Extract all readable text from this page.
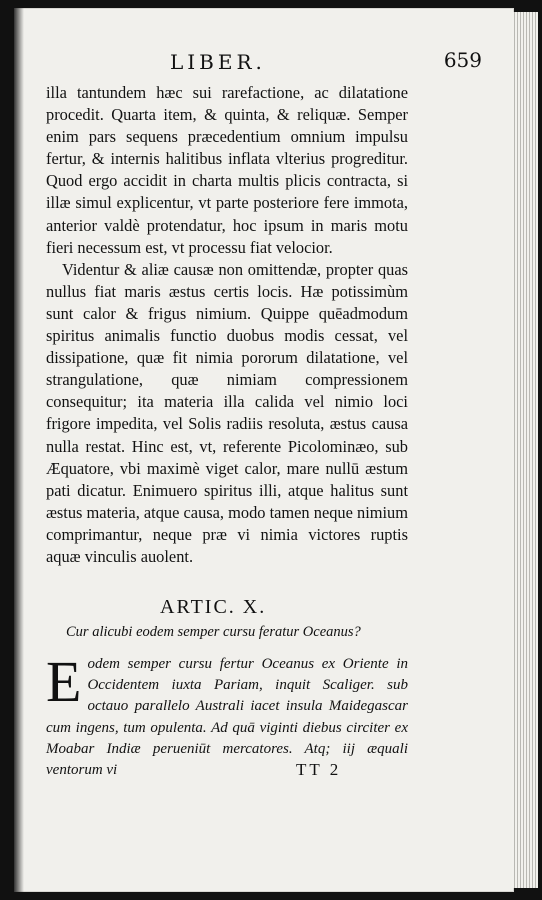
LIBER.	659

illa tantundem hæc sui rarefactione, ac dilatatione procedit. Quarta item, & quinta, & reliquæ. Semper enim pars sequens præcedentium omnium impulsu fertur, & internis halitibus inflata vlterius progreditur. Quod ergo accidit in charta multis plicis contracta, si illæ simul explicentur, vt parte posteriore fere immota, anterior valdè protendatur, hoc ipsum in maris motu fieri necessum est, vt processu fiat velocior.

Videntur & aliæ causæ non omittendæ, propter quas nullus fiat maris æstus certis locis. Hæ potissimùm sunt calor & frigus nimium. Quippe quēadmodum spiritus animalis functio duobus modis cessat, vel dissipatione, quæ fit nimia pororum dilatatione, vel strangulatione, quæ nimiam compressionem consequitur; ita materia illa calida vel nimio loci frigore impedita, vel Solis radiis resoluta, æstus causa nulla restat. Hinc est, vt, referente Picolominæo, sub Æquatore, vbi maximè viget calor, mare nullū æstum pati dicatur. Enimuero spiritus illi, atque halitus sunt æstus materia, atque causa, modo tamen neque nimium comprimantur, neque præ vi nimia victores ruptis aquæ vinculis auolent.

ARTIC. X.
Cur alicubi eodem semper cursu feratur Oceanus?
E odem semper cursu fertur Oceanus ex Oriente in Occidentem iuxta Pariam, inquit Scaliger. sub octauo parallelo Australi iacet insula Maidegascar cum ingens, tum opulenta. Ad quā viginti diebus circiter ex Moabar Indiæ perueniūt mercatores. Atq; iij æquali ventorum vi	TT 2
